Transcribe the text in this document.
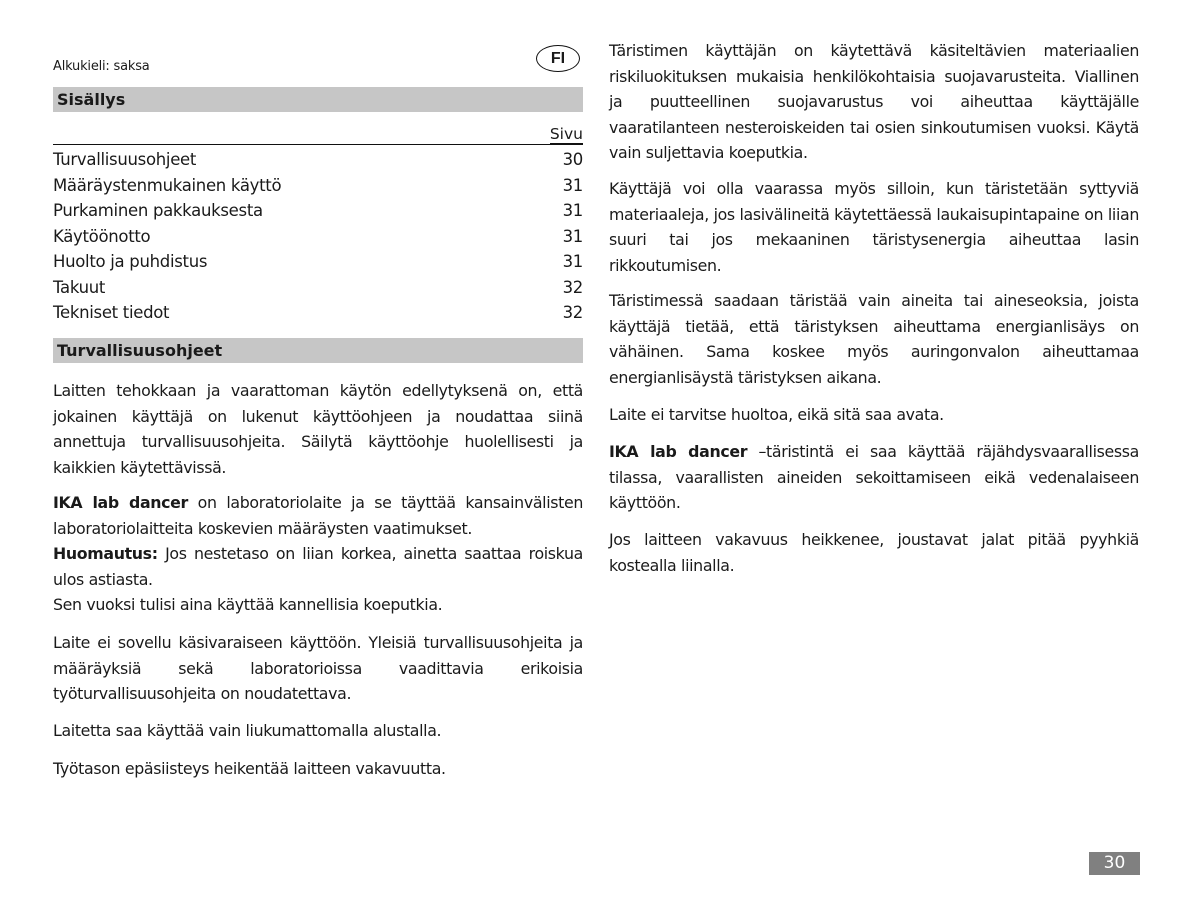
Alkukieli: saksa	FI
Sisällys
Sivu
Turvallisuusohjeet	30
Määräystenmukainen käyttö	31
Purkaminen pakkauksesta	31
Käytöönotto	31
Huolto ja puhdistus	31
Takuut	32
Tekniset tiedot	32
Turvallisuusohjeet

Laitten tehokkaan ja vaarattoman käytön edellytyksenä on, että jokainen käyttäjä on lukenut käyttöohjeen ja noudattaa siinä annettuja turvallisuusohjeita. Säilytä käyttöohje huolellisesti ja kaikkien käytettävissä.

IKA lab dancer on laboratoriolaite ja se täyttää kansainvälisten laboratoriolaitteita koskevien määräysten vaatimukset.
Huomautus: Jos nestetaso on liian korkea, ainetta saattaa roiskua ulos astiasta.
Sen vuoksi tulisi aina käyttää kannellisia koeputkia.

Laite ei sovellu käsivaraiseen käyttöön. Yleisiä turvallisuusohjeita ja määräyksiä sekä laboratorioissa vaadittavia erikoisia työturvallisuusohjeita on noudatettava.

Laitetta saa käyttää vain liukumattomalla alustalla.

Työtason epäsiisteys heikentää laitteen vakavuutta.

Täristimen käyttäjän on käytettävä käsiteltävien materiaalien riskiluokituksen mukaisia henkilökohtaisia suojavarusteita. Viallinen ja puutteellinen suojavarustus voi aiheuttaa käyttäjälle vaaratilanteen nesteroiskeiden tai osien sinkoutumisen vuoksi. Käytä vain suljettavia koeputkia.

Käyttäjä voi olla vaarassa myös silloin, kun täristetään syttyviä materiaaleja, jos lasivälineitä käytettäessä laukaisupintapaine on liian suuri tai jos mekaaninen täristysenergia aiheuttaa lasin rikkoutumisen.

Täristimessä saadaan täristää vain aineita tai aineseoksia, joista käyttäjä tietää, että täristyksen aiheuttama energianlisäys on vähäinen. Sama koskee myös auringonvalon aiheuttamaa energianlisäystä täristyksen aikana.

Laite ei tarvitse huoltoa, eikä sitä saa avata.

IKA lab dancer –täristintä ei saa käyttää räjähdysvaarallisessa tilassa, vaarallisten aineiden sekoittamiseen eikä vedenalaiseen käyttöön.

Jos laitteen vakavuus heikkenee, joustavat jalat pitää pyyhkiä kostealla liinalla.

30
